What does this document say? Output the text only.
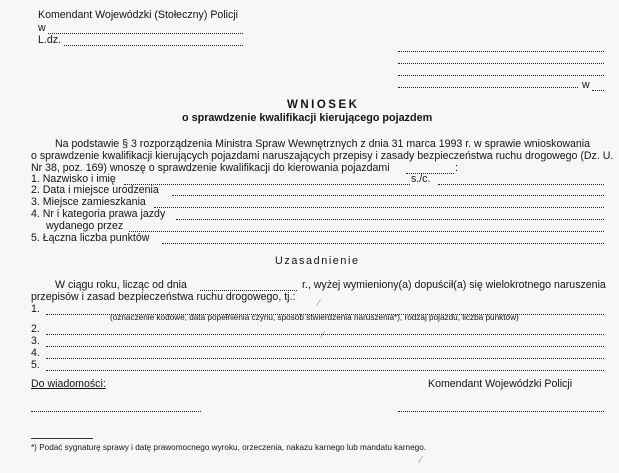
Komendant Wojewódzki (Stołeczny) Policji
w
L.dz.
w
WNIOSEK
o sprawdzenie kwalifikacji kierującego pojazdem
Na podstawie § 3 rozporządzenia Ministra Spraw Wewnętrznych z dnia 31 marca 1993 r. w sprawie wnioskowania
o sprawdzenie kwalifikacji kierujących pojazdami naruszających przepisy i zasady bezpieczeństwa ruchu drogowego (Dz. U.
Nr 38, poz. 169) wnoszę o sprawdzenie kwalifikacji do kierowania pojazdami	:
1. Nazwisko i imię	s./c.
2. Data i miejsce urodzenia
3. Miejsce zamieszkania
4. Nr i kategoria prawa jazdy
wydanego przez
5. Łączna liczba punktów
Uzasadnienie
W ciągu roku, licząc od dnia	r., wyżej wymieniony(a) dopuścił(a) się wielokrotnego naruszenia
przepisów i zasad bezpieczeństwa ruchu drogowego, tj.:
1.
(oznaczenie kodowe, data popełnienia czynu, sposób stwierdzenia naruszenia*), rodzaj pojazdu, liczba punktów)
2.
3.
4.
5.
Do wiadomości:	Komendant Wojewódzki Policji
*) Podać sygnaturę sprawy i datę prawomocnego wyroku, orzeczenia, nakazu karnego lub mandatu karnego.
⁄
⁄
⁄
